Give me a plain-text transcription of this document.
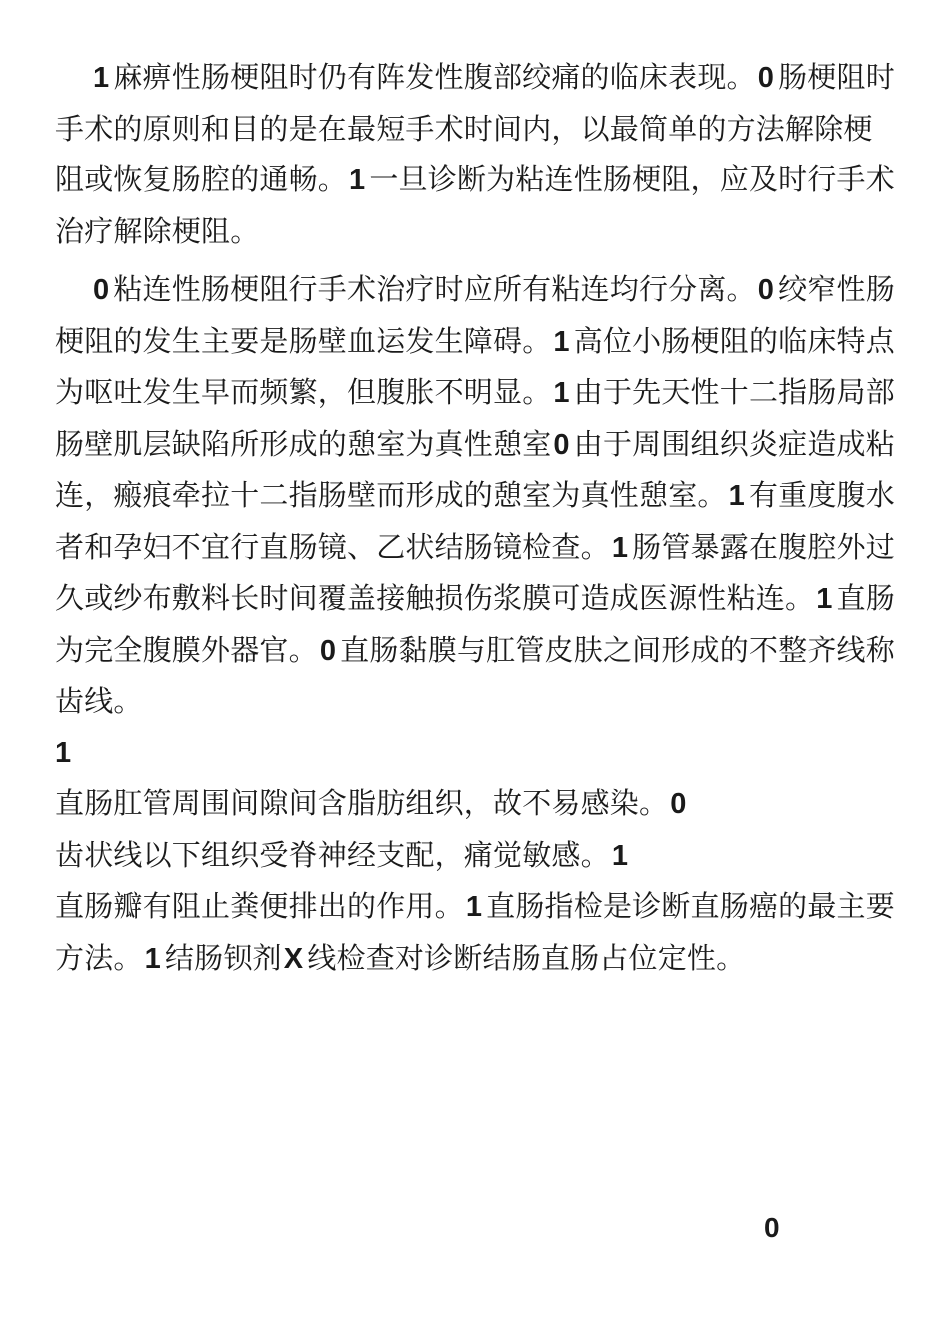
1 麻痹性肠梗阻时仍有阵发性腹部绞痛的临床表现。0 肠梗阻时手术的原则和目的是在最短手术时间内，以最简单的方法解除梗阻或恢复肠腔的通畅。1 一旦诊断为粘连性肠梗阻，应及时行手术治疗解除梗阻。

0 粘连性肠梗阻行手术治疗时应所有粘连均行分离。0 绞窄性肠梗阻的发生主要是肠壁血运发生障碍。1 高位小肠梗阻的临床特点为呕吐发生早而频繁，但腹胀不明显。1 由于先天性十二指肠局部肠壁肌层缺陷所形成的憩室为真性憩室0 由于周围组织炎症造成粘连，瘢痕牵拉十二指肠壁而形成的憩室为真性憩室。1 有重度腹水者和孕妇不宜行直肠镜、乙状结肠镜检查。1 肠管暴露在腹腔外过久或纱布敷料长时间覆盖接触损伤浆膜可造成医源性粘连。1 直肠为完全腹膜外器官。0 直肠黏膜与肛管皮肤之间形成的不整齐线称齿线。

1

直肠肛管周围间隙间含脂肪组织，故不易感染。0

齿状线以下组织受脊神经支配，痛觉敏感。1

直肠瓣有阻止粪便排出的作用。1 直肠指检是诊断直肠癌的最主要方法。1 结肠钡剂X 线检查对诊断结肠直肠占位定性。

0
